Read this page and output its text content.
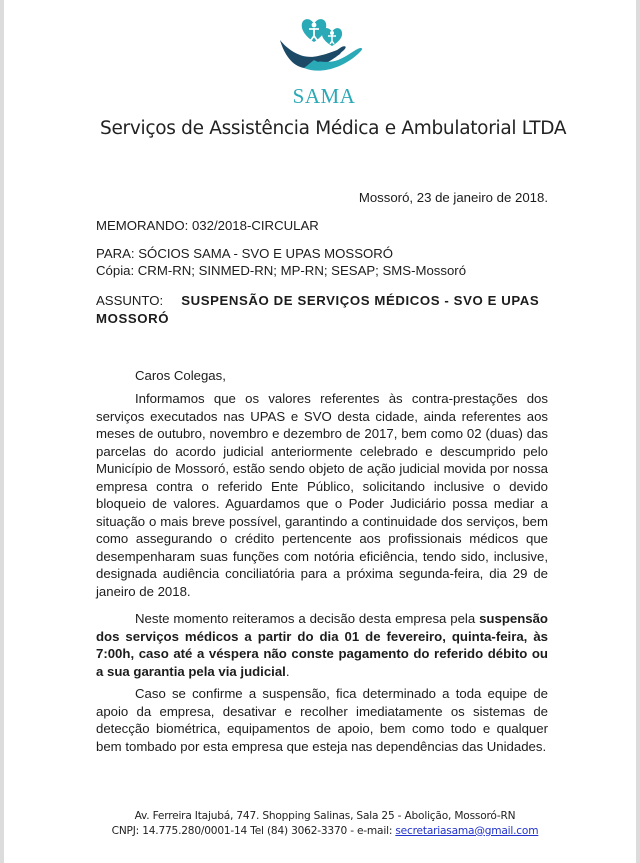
SAMA
Serviços de Assistência Médica e Ambulatorial LTDA
Mossoró, 23 de janeiro de 2018.
MEMORANDO: 032/2018-CIRCULAR
PARA: SÓCIOS SAMA - SVO E UPAS MOSSORÓ
Cópia: CRM-RN; SINMED-RN; MP-RN; SESAP; SMS-Mossoró
ASSUNTO: SUSPENSÃO DE SERVIÇOS MÉDICOS - SVO E UPAS MOSSORÓ
Caros Colegas,
Informamos que os valores referentes às contra-prestações dos serviços executados nas UPAS e SVO desta cidade, ainda referentes aos meses de outubro, novembro e dezembro de 2017, bem como 02 (duas) das parcelas do acordo judicial anteriormente celebrado e descumprido pelo Município de Mossoró, estão sendo objeto de ação judicial movida por nossa empresa contra o referido Ente Público, solicitando inclusive o devido bloqueio de valores. Aguardamos que o Poder Judiciário possa mediar a situação o mais breve possível, garantindo a continuidade dos serviços, bem como assegurando o crédito pertencente aos profissionais médicos que desempenharam suas funções com notória eficiência, tendo sido, inclusive, designada audiência conciliatória para a próxima segunda-feira, dia 29 de janeiro de 2018.
Neste momento reiteramos a decisão desta empresa pela suspensão dos serviços médicos a partir do dia 01 de fevereiro, quinta-feira, às 7:00h, caso até a véspera não conste pagamento do referido débito ou a sua garantia pela via judicial.
Caso se confirme a suspensão, fica determinado a toda equipe de apoio da empresa, desativar e recolher imediatamente os sistemas de detecção biométrica, equipamentos de apoio, bem como todo e qualquer bem tombado por esta empresa que esteja nas dependências das Unidades.
Av. Ferreira Itajubá, 747. Shopping Salinas, Sala 25 - Abolição, Mossoró-RN
CNPJ: 14.775.280/0001-14 Tel (84) 3062-3370 - e-mail: secretariasama@gmail.com
